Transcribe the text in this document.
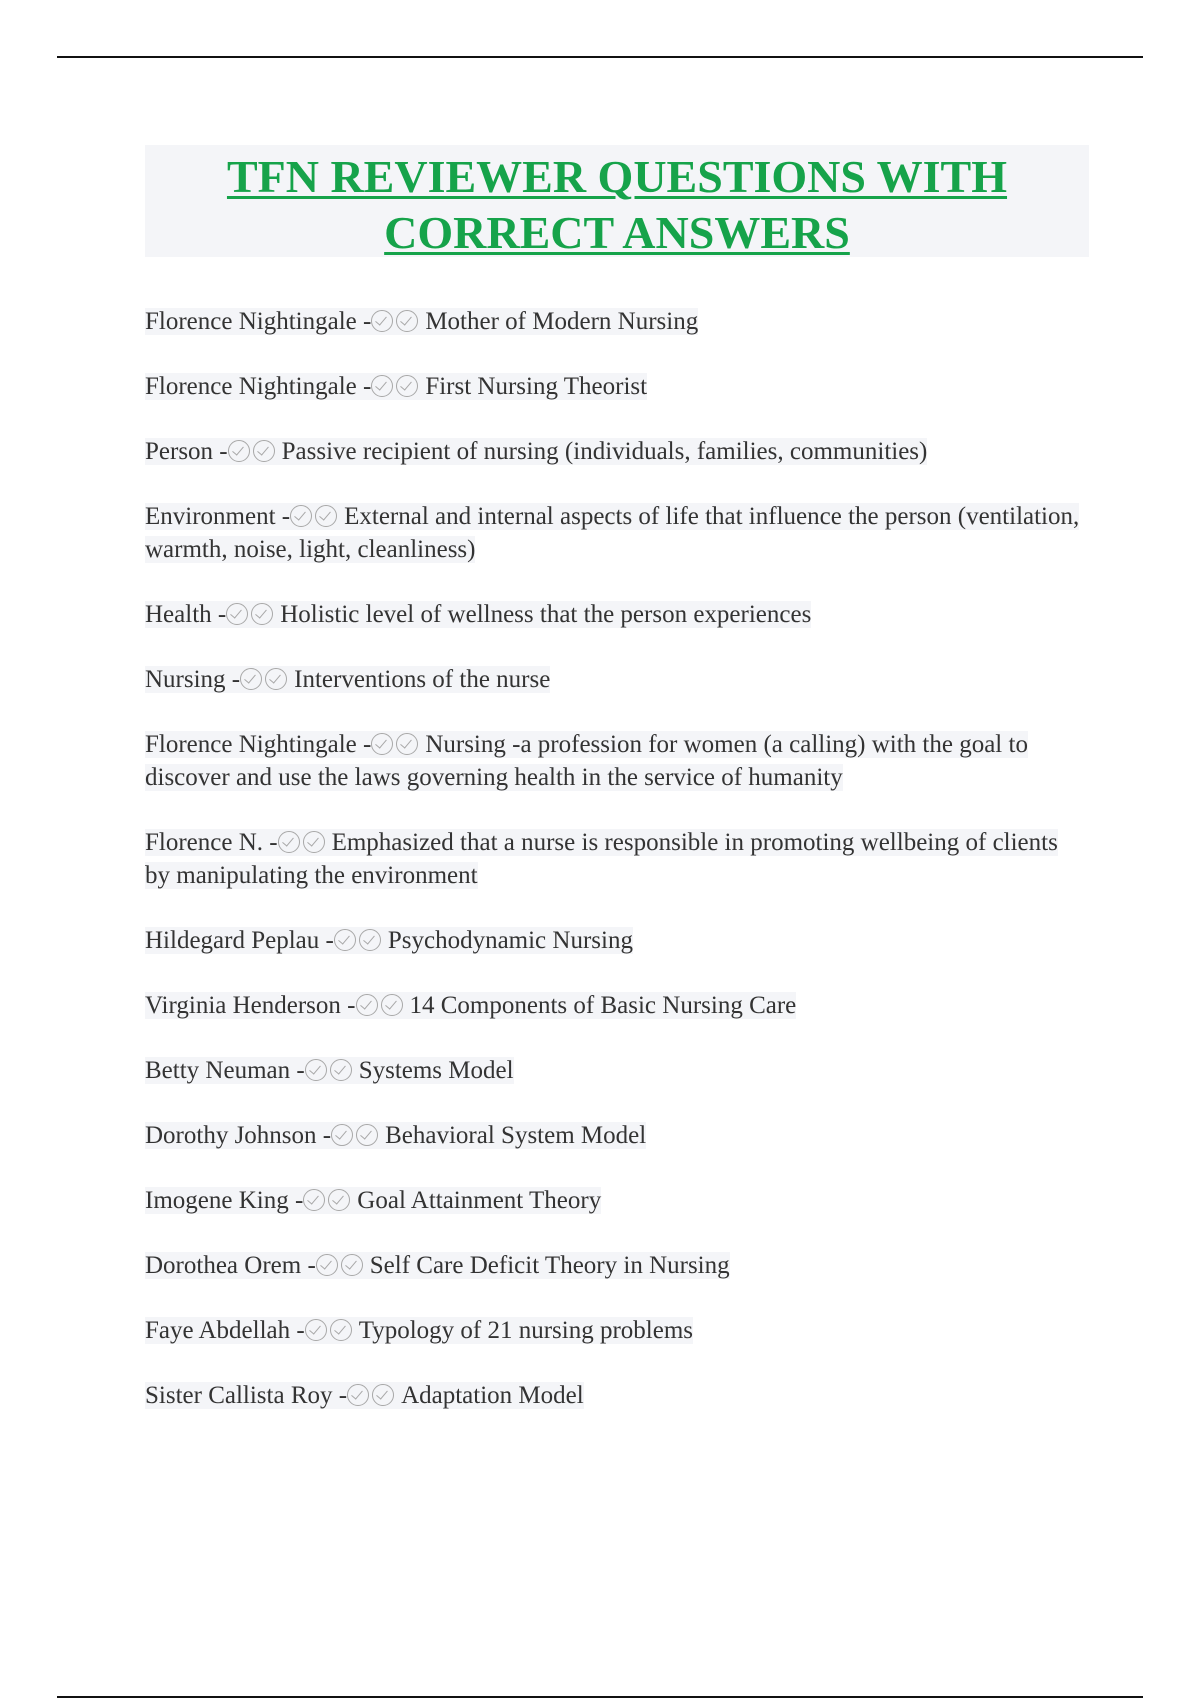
TFN REVIEWER QUESTIONS WITH CORRECT ANSWERS
Florence Nightingale - Mother of Modern Nursing
Florence Nightingale - First Nursing Theorist
Person - Passive recipient of nursing (individuals, families, communities)
Environment - External and internal aspects of life that influence the person (ventilation, warmth, noise, light, cleanliness)
Health - Holistic level of wellness that the person experiences
Nursing - Interventions of the nurse
Florence Nightingale - Nursing -a profession for women (a calling) with the goal to discover and use the laws governing health in the service of humanity
Florence N. - Emphasized that a nurse is responsible in promoting wellbeing of clients by manipulating the environment
Hildegard Peplau - Psychodynamic Nursing
Virginia Henderson - 14 Components of Basic Nursing Care
Betty Neuman - Systems Model
Dorothy Johnson - Behavioral System Model
Imogene King - Goal Attainment Theory
Dorothea Orem - Self Care Deficit Theory in Nursing
Faye Abdellah - Typology of 21 nursing problems
Sister Callista Roy - Adaptation Model
